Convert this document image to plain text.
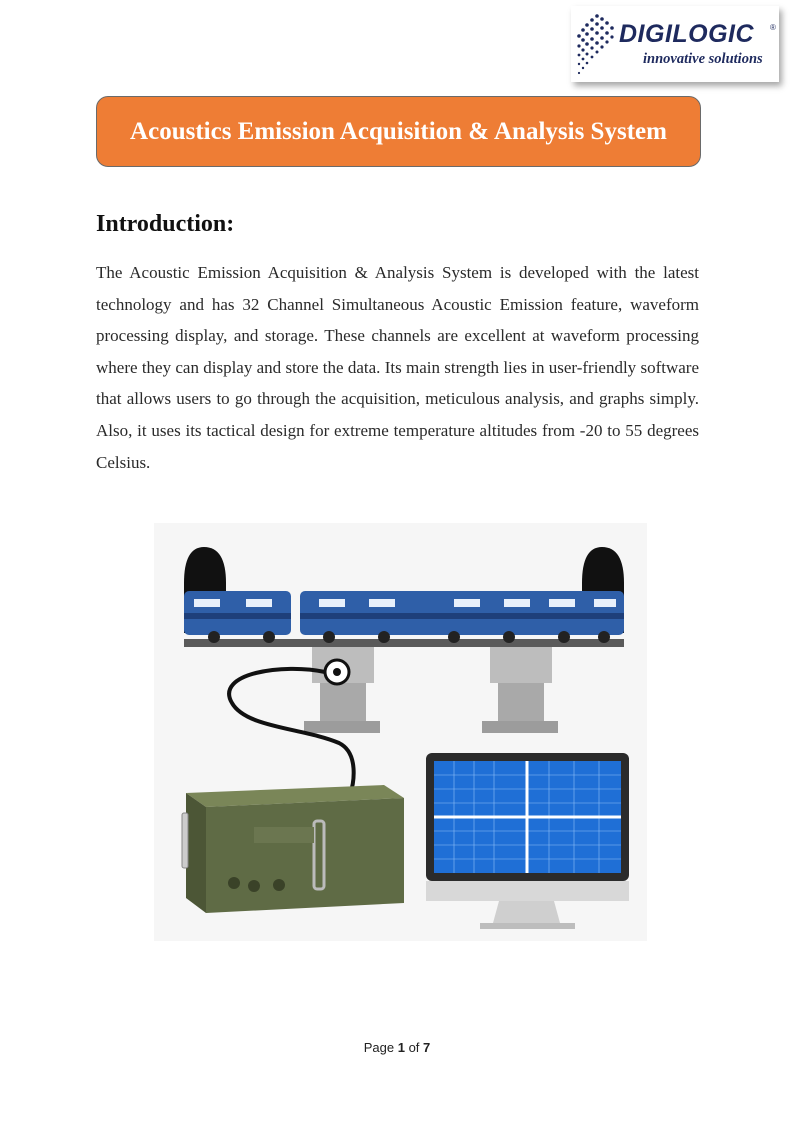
DIGILOGIC ®
innovative solutions
Acoustics Emission Acquisition & Analysis System
Introduction:

The Acoustic Emission Acquisition & Analysis System is developed with the latest technology and has 32 Channel Simultaneous Acoustic Emission feature, waveform processing display, and storage. These channels are excellent at waveform processing where they can display and store the data. Its main strength lies in user-friendly software that allows users to go through the acquisition, meticulous analysis, and graphs simply. Also, it uses its tactical design for extreme temperature altitudes from -20 to 55 degrees Celsius.

Page 1 of 7
